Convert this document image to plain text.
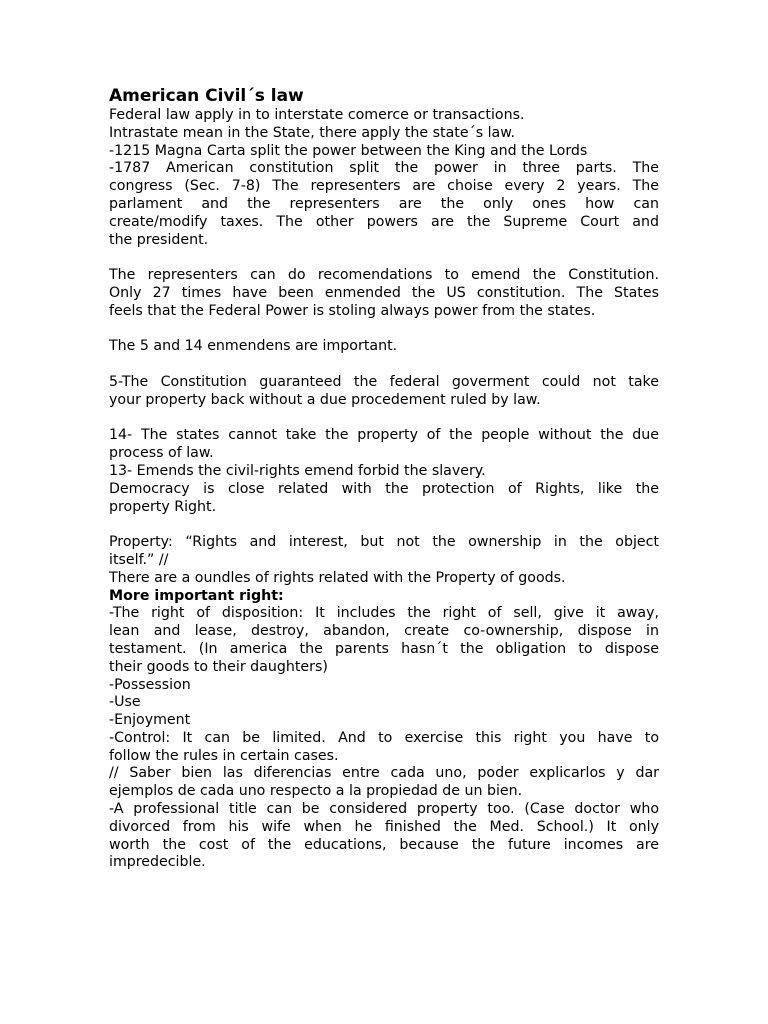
American Civil´s law
Federal law apply in to interstate comerce or transactions.
Intrastate mean in the State, there apply the state´s law.
-1215 Magna Carta split the power between the King and the Lords
-1787 American constitution split the power in three parts. The
congress (Sec. 7-8) The representers are choise every 2 years. The
parlament and the representers are the only ones how can
create/modify taxes. The other powers are the Supreme Court and
the president.
The representers can do recomendations to emend the Constitution.
Only 27 times have been enmended the US constitution. The States
feels that the Federal Power is stoling always power from the states.
The 5 and 14 enmendens are important.
5-The Constitution guaranteed the federal goverment could not take
your property back without a due procedement ruled by law.
14- The states cannot take the property of the people without the due
process of law.
13- Emends the civil-rights emend forbid the slavery.
Democracy is close related with the protection of Rights, like the
property Right.
Property: “Rights and interest, but not the ownership in the object
itself.” //
There are a oundles of rights related with the Property of goods.
More important right:
-The right of disposition: It includes the right of sell, give it away,
lean and lease, destroy, abandon, create co-ownership, dispose in
testament. (In america the parents hasn´t the obligation to dispose
their goods to their daughters)
-Possession
-Use
-Enjoyment
-Control: It can be limited. And to exercise this right you have to
follow the rules in certain cases.
// Saber bien las diferencias entre cada uno, poder explicarlos y dar
ejemplos de cada uno respecto a la propiedad de un bien.
-A professional title can be considered property too. (Case doctor who
divorced from his wife when he finished the Med. School.) It only
worth the cost of the educations, because the future incomes are
impredecible.
